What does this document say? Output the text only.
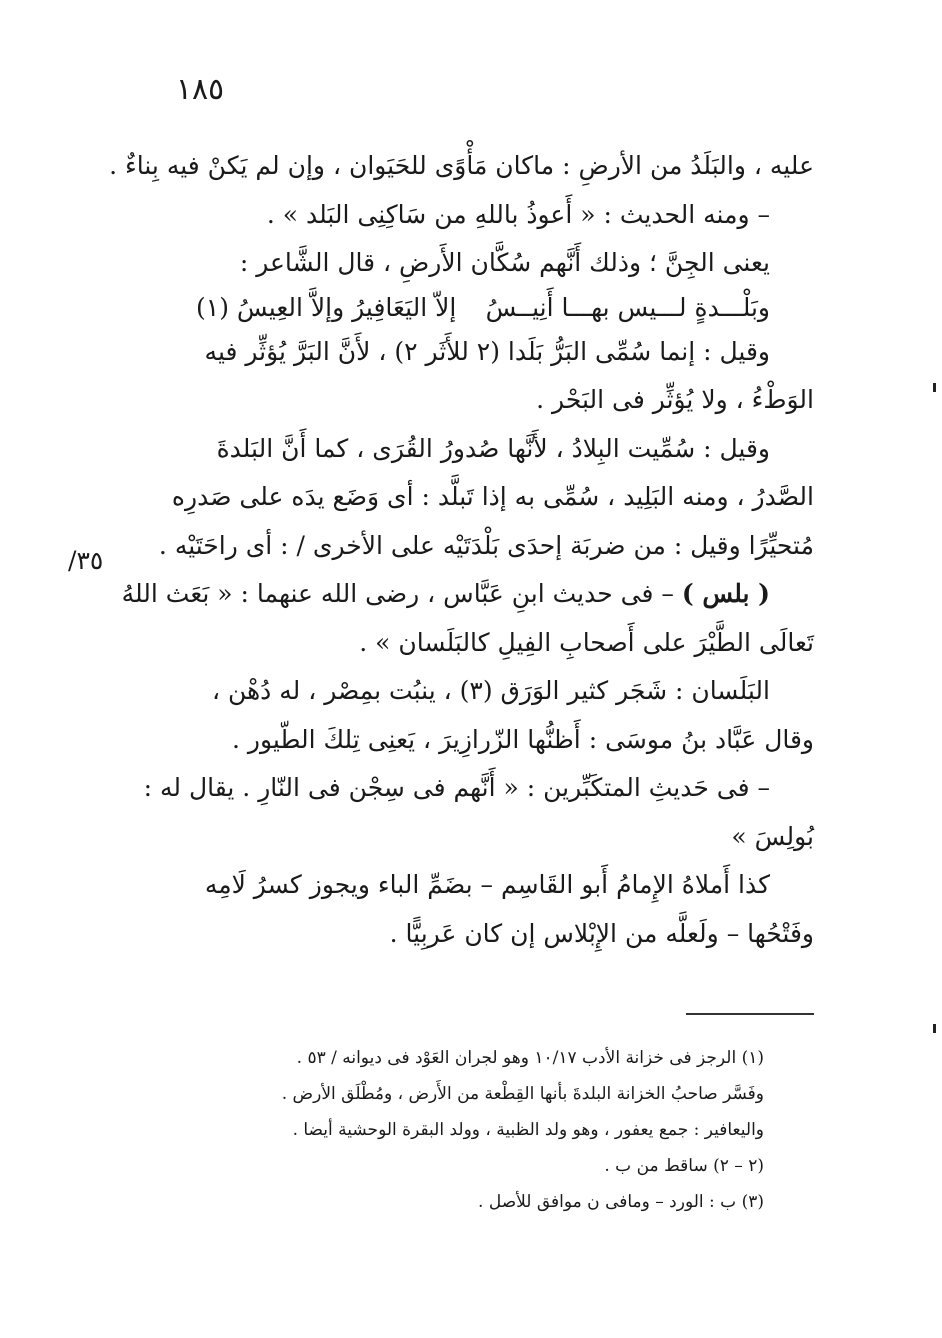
١٨٥
عليه ، والبَلَدُ من الأرضِ : ماكان مَأْوًى للحَيَوان ، وإن لم يَكنْ فيه بِناءٌ .
– ومنه الحديث : « أَعوذُ باللهِ من سَاكِنِى البَلد » .
يعنى الجِنَّ ؛ وذلك أَنَّهم سُكَّان الأَرضِ ، قال الشَّاعر :
وبَلْـــدةٍ لـــيس بهـــا أَنِيــسُ
إلاّ اليَعَافِيرُ وإلاَّ العِيسُ (١)
وقيل : إنما سُمِّى البَرُّ بَلَدا (٢ للأَثَر ٢) ، لأَنَّ البَرَّ يُؤثِّر فيه
الوَطْءُ ، ولا يُؤثِّر فى البَحْر .
وقيل : سُمِّيت البِلادُ ، لأَنَّها صُدورُ القُرَى ، كما أَنَّ البَلدةَ
الصَّدرُ ، ومنه البَلِيد ، سُمِّى به إذا تَبلَّد : أى وَضَع يدَه على صَدرِه
مُتحيِّرًا وقيل : من ضربَة إحدَى بَلْدَتَيْه على الأخرى / : أى راحَتَيْه .
( بلس ) – فى حديث ابنِ عَبَّاس ، رضى الله عنهما : « بَعَث اللهُ
تَعالَى الطَّيْرَ على أَصحابِ الفِيلِ كالبَلَسان » .
البَلَسان : شَجَر كثير الوَرَق (٣) ، ينبُت بمِصْر ، له دُهْن ،
وقال عَبَّاد بنُ موسَى : أَظنُّها الزّرازِيرَ ، يَعنِى تِلكَ الطّيور .
– فى حَديثِ المتكَبِّرين : « أَنَّهم فى سِجْن فى النّارِ . يقال له :
بُولِسَ »
كذا أَملاهُ الإِمامُ أَبو القَاسِم – بضَمِّ الباء ويجوز كسرُ لَامِه
وفَتْحُها – ولَعلَّه من الإِبْلاس إن كان عَربِيًّا .
٣٥/
(١) الرجز فى خزانة الأدب ١٠/١٧ وهو لجران العَوْد فى ديوانه / ٥٣ .
وفَسَّر صاحبُ الخزانة البلدةَ بأنها القِطْعة من الأَرض ، ومُطْلَق الأرض .
واليعافير : جمع يعفور ، وهو ولد الظبية ، وولد البقرة الوحشية أيضا .
(٢ – ٢) ساقط من ب .
(٣) ب : الورد – ومافى ن موافق للأصل .
